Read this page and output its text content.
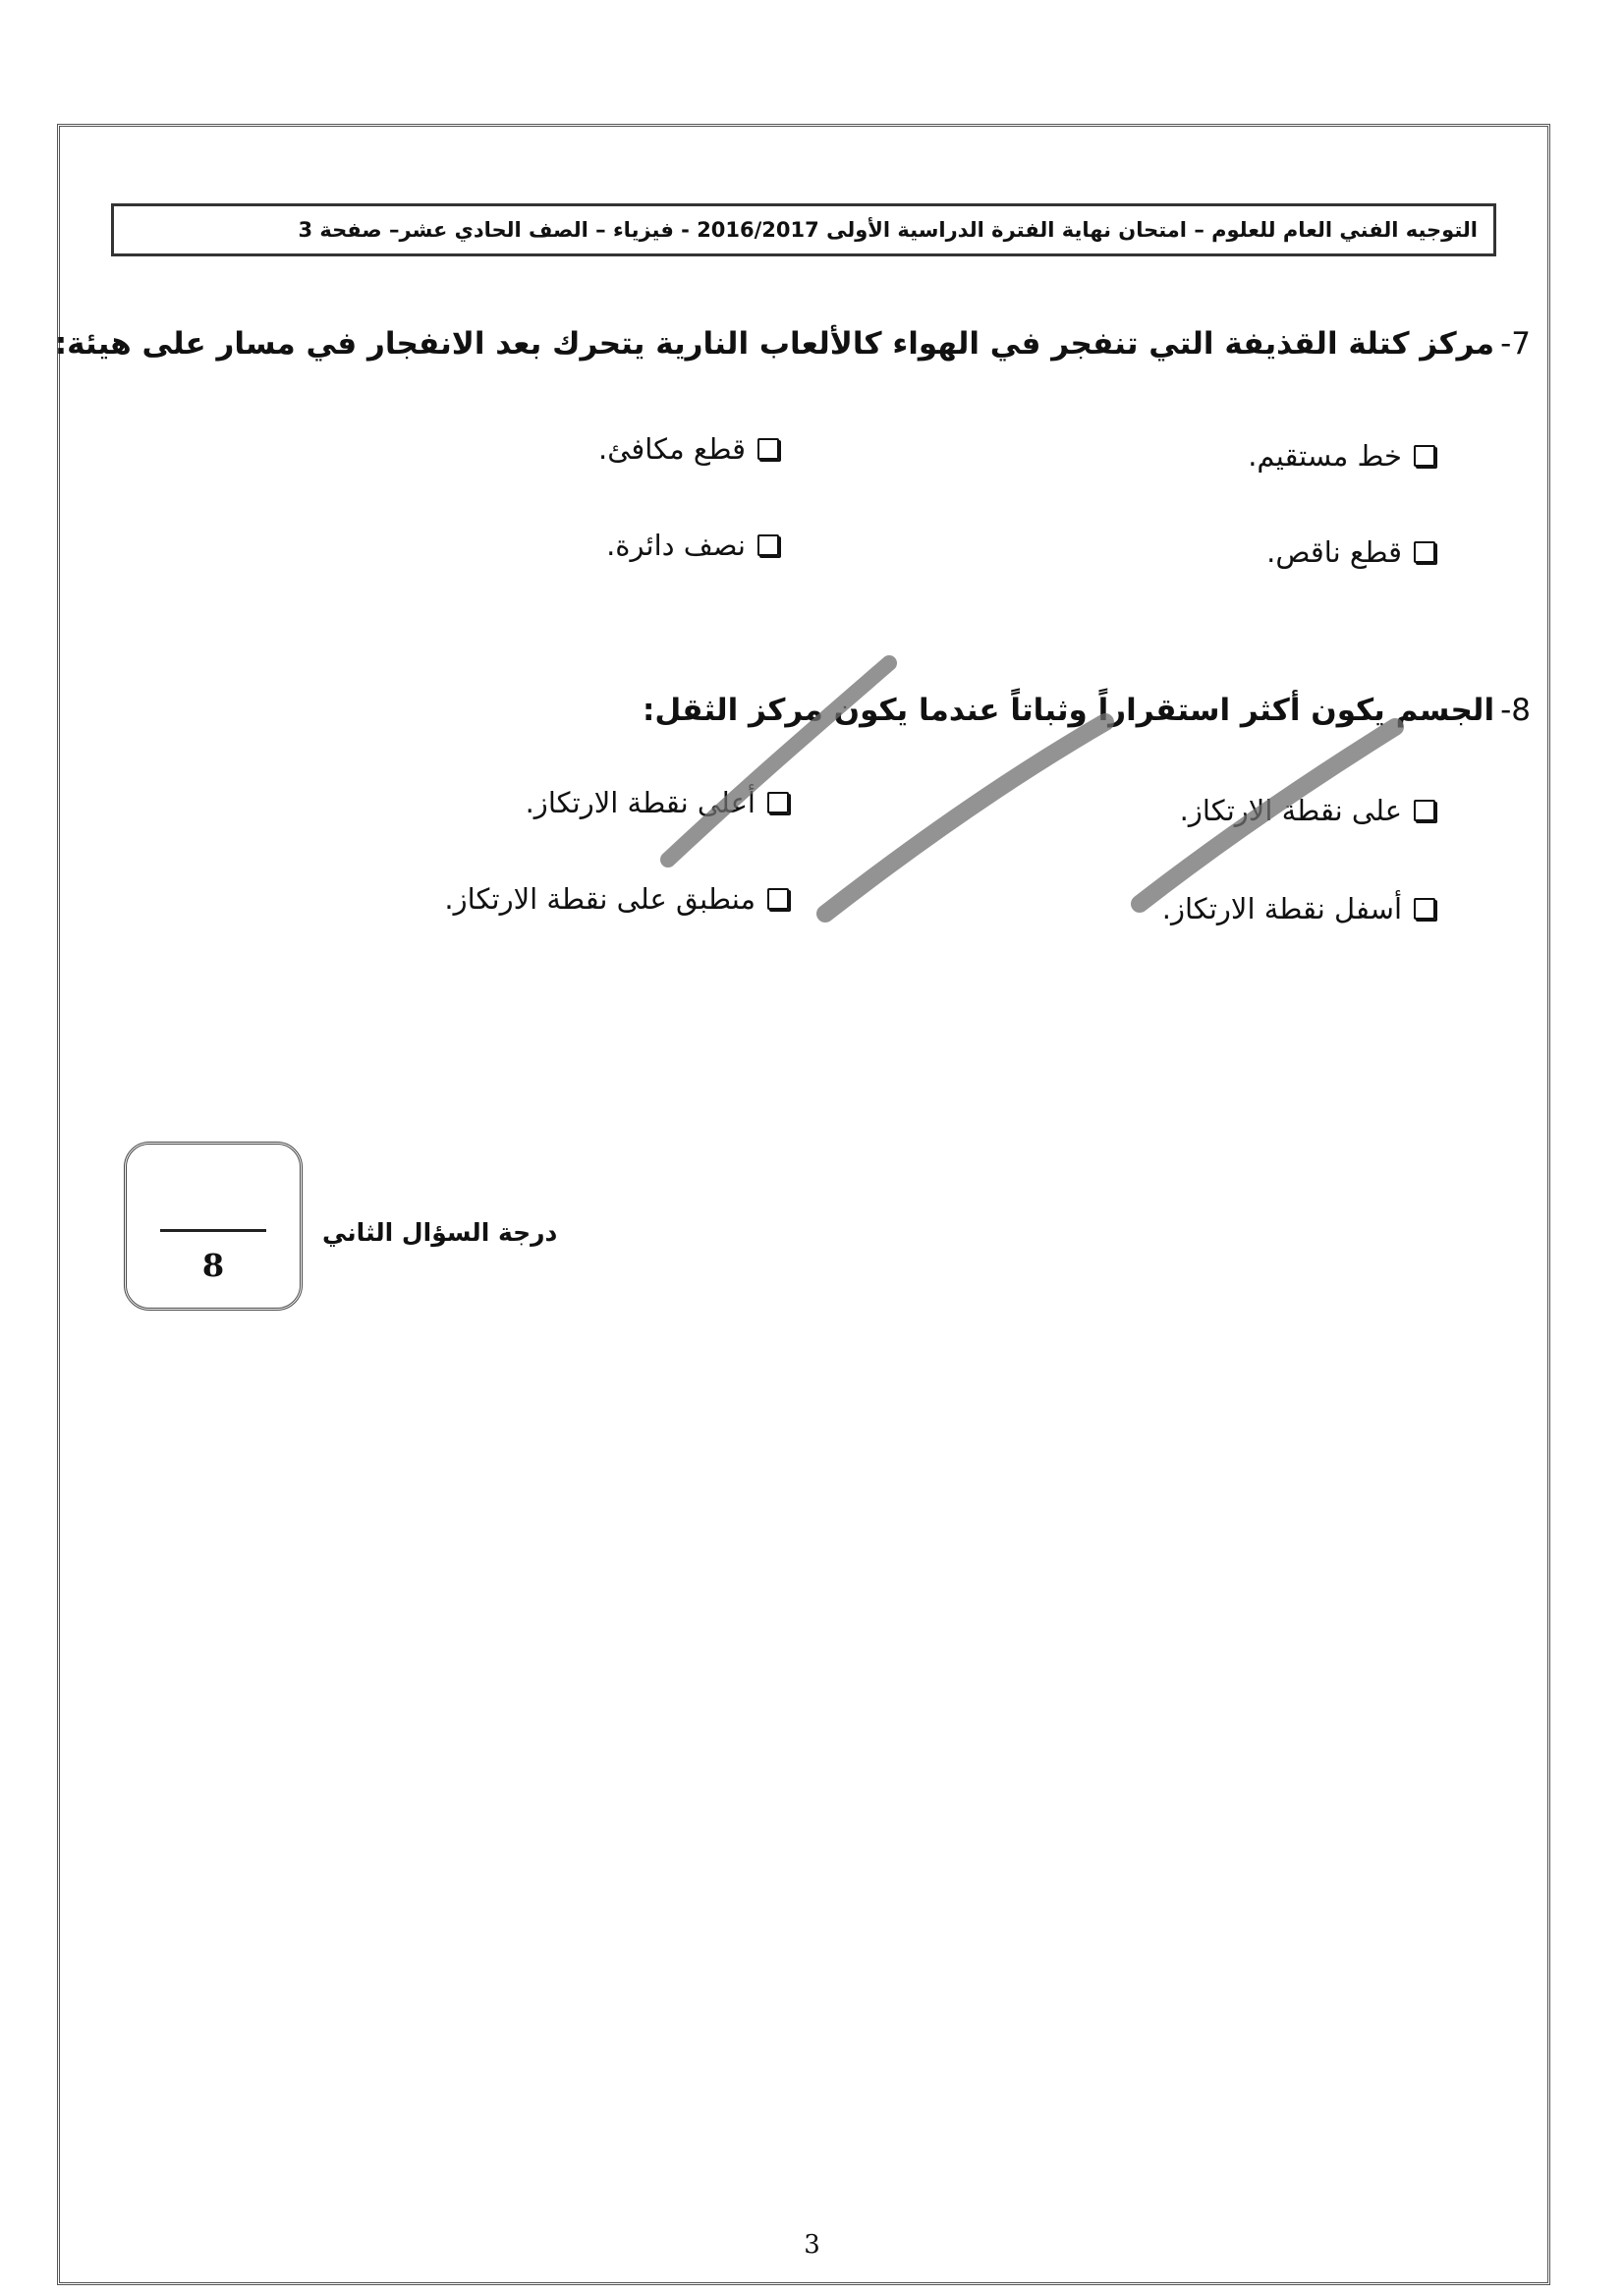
التوجيه الفني العام للعلوم – امتحان نهاية الفترة الدراسية الأولى 2016/2017 - فيزياء – الصف الحادي عشر– صفحة 3
7-مركز كتلة القذيفة التي تنفجر في الهواء كالألعاب النارية يتحرك بعد الانفجار في مسار على هيئة:
خط مستقيم.
قطع مكافئ.
قطع ناقص.
نصف دائرة.
8-الجسم يكون أكثر استقراراً وثباتاً عندما يكون مركز الثقل:
على نقطة الارتكاز.
أعلى نقطة الارتكاز.
أسفل نقطة الارتكاز.
منطبق على نقطة الارتكاز.
8
درجة السؤال الثاني
3
